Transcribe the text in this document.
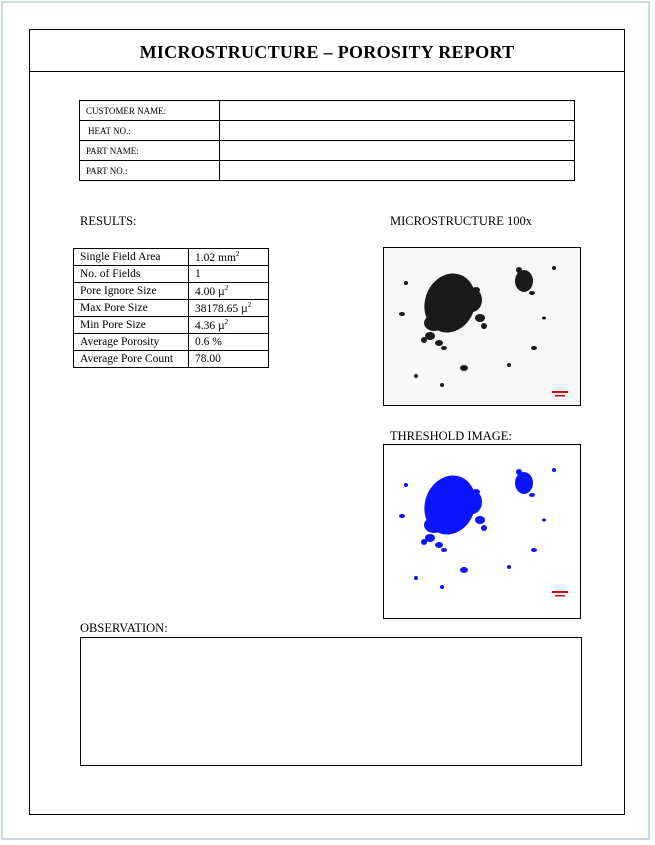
MICROSTRUCTURE – POROSITY REPORT
CUSTOMER NAME:	
HEAT NO.:	
PART NAME:	
PART NO.:	
RESULTS:	MICROSTRUCTURE 100x
Single Field Area	1.02 $mm^2$
No. of Fields	1
Pore Ignore Size	4.00 µ$^2$
Max Pore Size	38178.65 µ$^2$
Min Pore Size	4.36 µ$^2$
Average Porosity	0.6 %
Average Pore Count	78.00
THRESHOLD IMAGE:
OBSERVATION:
